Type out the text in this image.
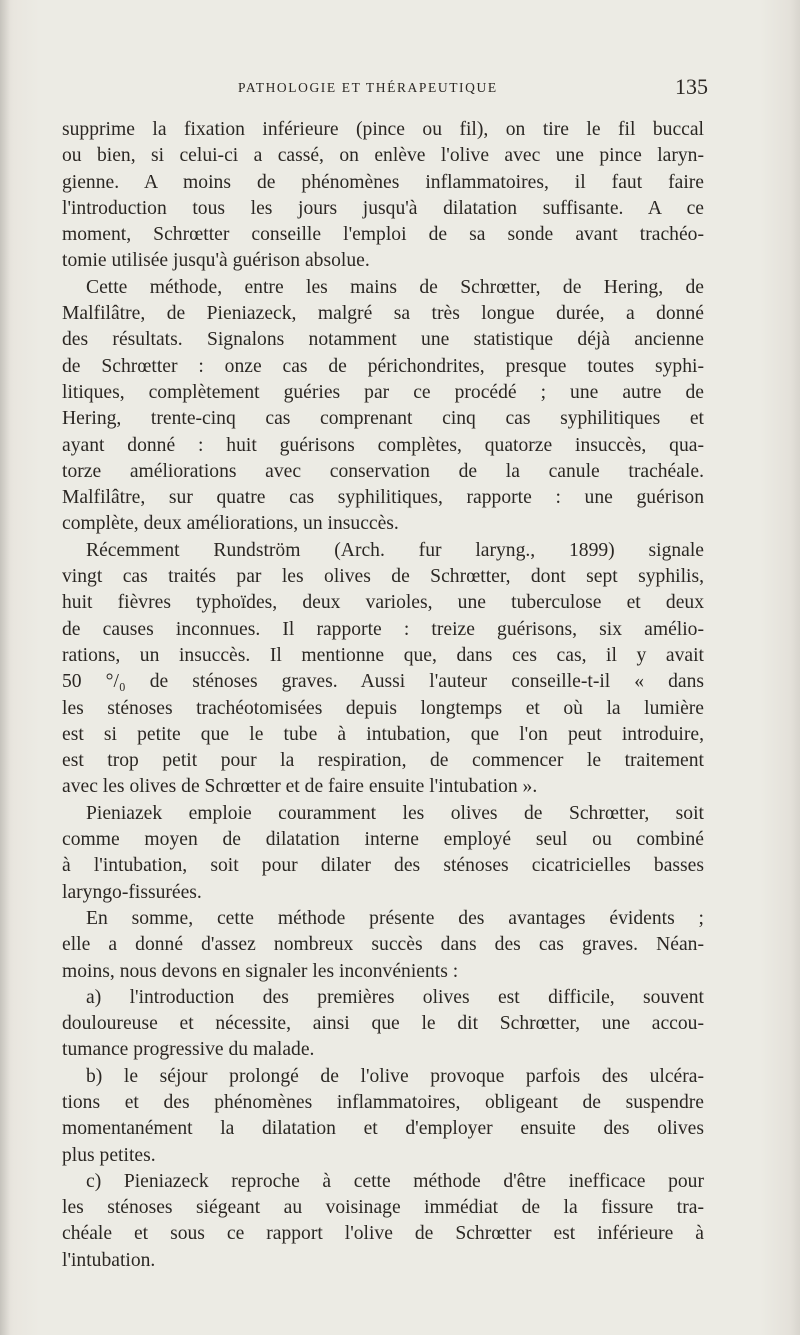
PATHOLOGIE ET THÉRAPEUTIQUE	135
supprime la fixation inférieure (pince ou fil), on tire le fil buccal
ou bien, si celui-ci a cassé, on enlève l'olive avec une pince laryn-
gienne. A moins de phénomènes inflammatoires, il faut faire
l'introduction tous les jours jusqu'à dilatation suffisante. A ce
moment, Schrœtter conseille l'emploi de sa sonde avant trachéo-
tomie utilisée jusqu'à guérison absolue.
Cette méthode, entre les mains de Schrœtter, de Hering, de
Malfilâtre, de Pieniazeck, malgré sa très longue durée, a donné
des résultats. Signalons notamment une statistique déjà ancienne
de Schrœtter : onze cas de périchondrites, presque toutes syphi-
litiques, complètement guéries par ce procédé ; une autre de
Hering, trente-cinq cas comprenant cinq cas syphilitiques et
ayant donné : huit guérisons complètes, quatorze insuccès, qua-
torze améliorations avec conservation de la canule trachéale.
Malfilâtre, sur quatre cas syphilitiques, rapporte : une guérison
complète, deux améliorations, un insuccès.
Récemment Rundström (Arch. fur laryng., 1899) signale
vingt cas traités par les olives de Schrœtter, dont sept syphilis,
huit fièvres typhoïdes, deux varioles, une tuberculose et deux
de causes inconnues. Il rapporte : treize guérisons, six amélio-
rations, un insuccès. Il mentionne que, dans ces cas, il y avait
50 °/₀ de sténoses graves. Aussi l'auteur conseille-t-il « dans
les sténoses trachéotomisées depuis longtemps et où la lumière
est si petite que le tube à intubation, que l'on peut introduire,
est trop petit pour la respiration, de commencer le traitement
avec les olives de Schrœtter et de faire ensuite l'intubation ».
Pieniazek emploie couramment les olives de Schrœtter, soit
comme moyen de dilatation interne employé seul ou combiné
à l'intubation, soit pour dilater des sténoses cicatricielles basses
laryngo-fissurées.
En somme, cette méthode présente des avantages évidents ;
elle a donné d'assez nombreux succès dans des cas graves. Néan-
moins, nous devons en signaler les inconvénients :
a) l'introduction des premières olives est difficile, souvent
douloureuse et nécessite, ainsi que le dit Schrœtter, une accou-
tumance progressive du malade.
b) le séjour prolongé de l'olive provoque parfois des ulcéra-
tions et des phénomènes inflammatoires, obligeant de suspendre
momentanément la dilatation et d'employer ensuite des olives
plus petites.
c) Pieniazeck reproche à cette méthode d'être inefficace pour
les sténoses siégeant au voisinage immédiat de la fissure tra-
chéale et sous ce rapport l'olive de Schrœtter est inférieure à
l'intubation.
